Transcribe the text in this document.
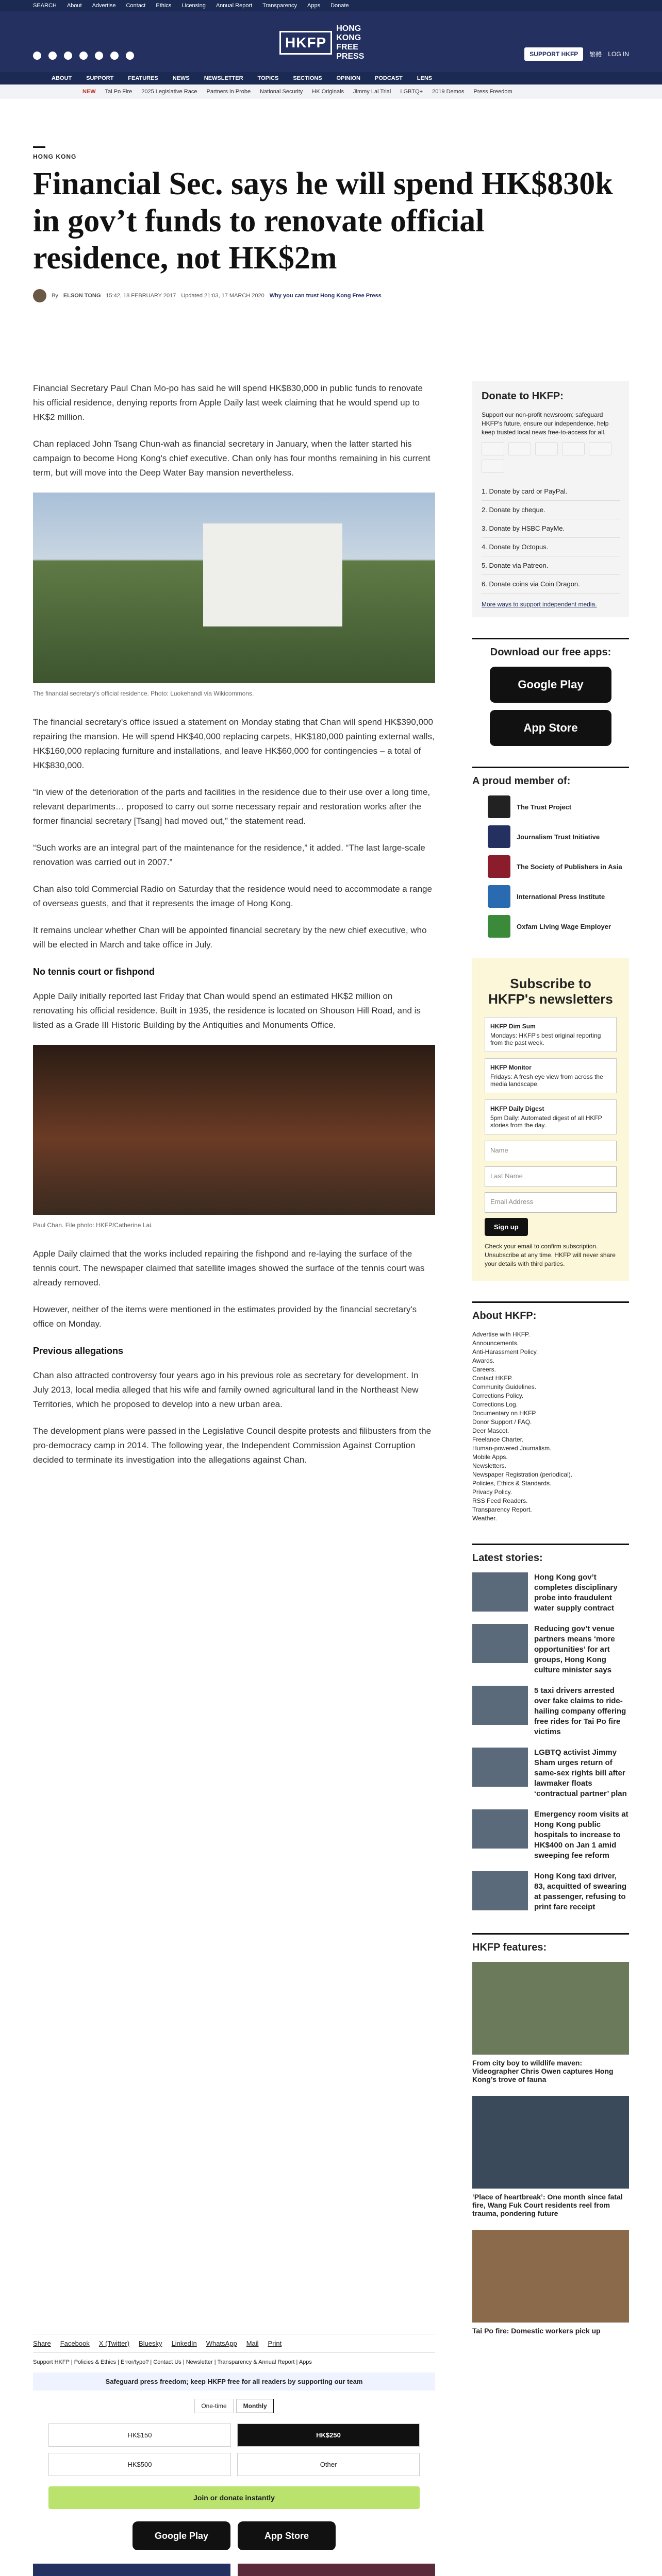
SEARCH About Advertise Contact Ethics Licensing Annual Report Transparency Apps Donate
HKFP
HONG KONG FREE PRESS	SUPPORT HKFP	繁體 LOG IN
ABOUT	SUPPORT	FEATURES	NEWS	NEWSLETTER	TOPICS	SECTIONS	OPINION	PODCAST	LENS
NEW Tai Po Fire 2025 Legislative Race Partners in Probe National Security HK Originals Jimmy Lai Trial LGBTQ+ 2019 Demos Press Freedom
HONG KONG
Financial Sec. says he will spend HK$830k in gov’t funds to renovate official residence, not HK$2m
By ELSON TONG 15:42, 18 FEBRUARY 2017 Updated 21:03, 17 MARCH 2020 Why you can trust Hong Kong Free Press

Financial Secretary Paul Chan Mo-po has said he will spend HK$830,000 in public funds to renovate his official residence, denying reports from Apple Daily last week claiming that he would spend up to HK$2 million.

Chan replaced John Tsang Chun-wah as financial secretary in January, when the latter started his campaign to become Hong Kong's chief executive. Chan only has four months remaining in his current term, but will move into the Deep Water Bay mansion nevertheless.

The financial secretary's official residence. Photo: Luokehandi via Wikicommons.

The financial secretary's office issued a statement on Monday stating that Chan will spend HK$390,000 repairing the mansion. He will spend HK$40,000 replacing carpets, HK$180,000 painting external walls, HK$160,000 replacing furniture and installations, and leave HK$60,000 for contingencies – a total of HK$830,000.

“In view of the deterioration of the parts and facilities in the residence due to their use over a long time, relevant departments… proposed to carry out some necessary repair and restoration works after the former financial secretary [Tsang] had moved out,” the statement read.

“Such works are an integral part of the maintenance for the residence,” it added. “The last large-scale renovation was carried out in 2007.”

Chan also told Commercial Radio on Saturday that the residence would need to accommodate a range of overseas guests, and that it represents the image of Hong Kong.

It remains unclear whether Chan will be appointed financial secretary by the new chief executive, who will be elected in March and take office in July.

No tennis court or fishpond

Apple Daily initially reported last Friday that Chan would spend an estimated HK$2 million on renovating his official residence. Built in 1935, the residence is located on Shouson Hill Road, and is listed as a Grade III Historic Building by the Antiquities and Monuments Office.

Paul Chan. File photo: HKFP/Catherine Lai.

Apple Daily claimed that the works included repairing the fishpond and re-laying the surface of the tennis court. The newspaper claimed that satellite images showed the surface of the tennis court was already removed.

However, neither of the items were mentioned in the estimates provided by the financial secretary's office on Monday.

Previous allegations

Chan also attracted controversy four years ago in his previous role as secretary for development. In July 2013, local media alleged that his wife and family owned agricultural land in the Northeast New Territories, which he proposed to develop into a new urban area.

The development plans were passed in the Legislative Council despite protests and filibusters from the pro-democracy camp in 2014. The following year, the Independent Commission Against Corruption decided to terminate its investigation into the allegations against Chan.

Share Facebook X (Twitter) Bluesky LinkedIn WhatsApp Mail Print
Support HKFP | Policies & Ethics | Error/typo? | Contact Us | Newsletter | Transparency & Annual Report | Apps
Safeguard press freedom; keep HKFP free for all readers by supporting our team
One-time	Monthly
HK$150	HK$250
HK$500	Other
Join or donate instantly
Google Play	App Store
Donate to HKFP:
Support our non-profit newsroom; safeguard HKFP's future, ensure our independence, help keep trusted local news free-to-access for all.
1. Donate by card or PayPal.
2. Donate by cheque.
3. Donate by HSBC PayMe.
4. Donate by Octopus.
5. Donate via Patreon.
6. Donate coins via Coin Dragon.
More ways to support independent media.
Download our free apps:
Google Play
App Store
A proud member of:
The Trust Project
Journalism Trust Initiative
The Society of Publishers in Asia
International Press Institute
Oxfam Living Wage Employer
Subscribe to HKFP's newsletters
HKFP Dim Sum
Mondays: HKFP's best original reporting from the past week.
HKFP Monitor
Fridays: A fresh eye view from across the media landscape.
HKFP Daily Digest
5pm Daily: Automated digest of all HKFP stories from the day.
Name
Last Name
Email Address
Sign up
Check your email to confirm subscription. Unsubscribe at any time. HKFP will never share your details with third parties.
About HKFP:
Advertise with HKFP.
Announcements.
Anti-Harassment Policy.
Awards.
Careers.
Contact HKFP.
Community Guidelines.
Corrections Policy.
Corrections Log.
Documentary on HKFP.
Donor Support / FAQ.
Deer Mascot.
Freelance Charter.
Human-powered Journalism.
Mobile Apps.
Newsletters.
Newspaper Registration (periodical).
Policies, Ethics & Standards.
Privacy Policy.
RSS Feed Readers.
Transparency Report.
Weather.
Latest stories:
Hong Kong gov’t completes disciplinary probe into fraudulent water supply contract
Reducing gov’t venue partners means ‘more opportunities’ for art groups, Hong Kong culture minister says
5 taxi drivers arrested over fake claims to ride-hailing company offering free rides for Tai Po fire victims
LGBTQ activist Jimmy Sham urges return of same-sex rights bill after lawmaker floats ‘contractual partner’ plan
Emergency room visits at Hong Kong public hospitals to increase to HK$400 on Jan 1 amid sweeping fee reform
Hong Kong taxi driver, 83, acquitted of swearing at passenger, refusing to print fare receipt
HKFP features:
From city boy to wildlife maven: Videographer Chris Owen captures Hong Kong’s trove of fauna
‘Place of heartbreak’: One month since fatal fire, Wang Fuk Court residents reel from trauma, pondering future
Tai Po fire: Domestic workers pick up
